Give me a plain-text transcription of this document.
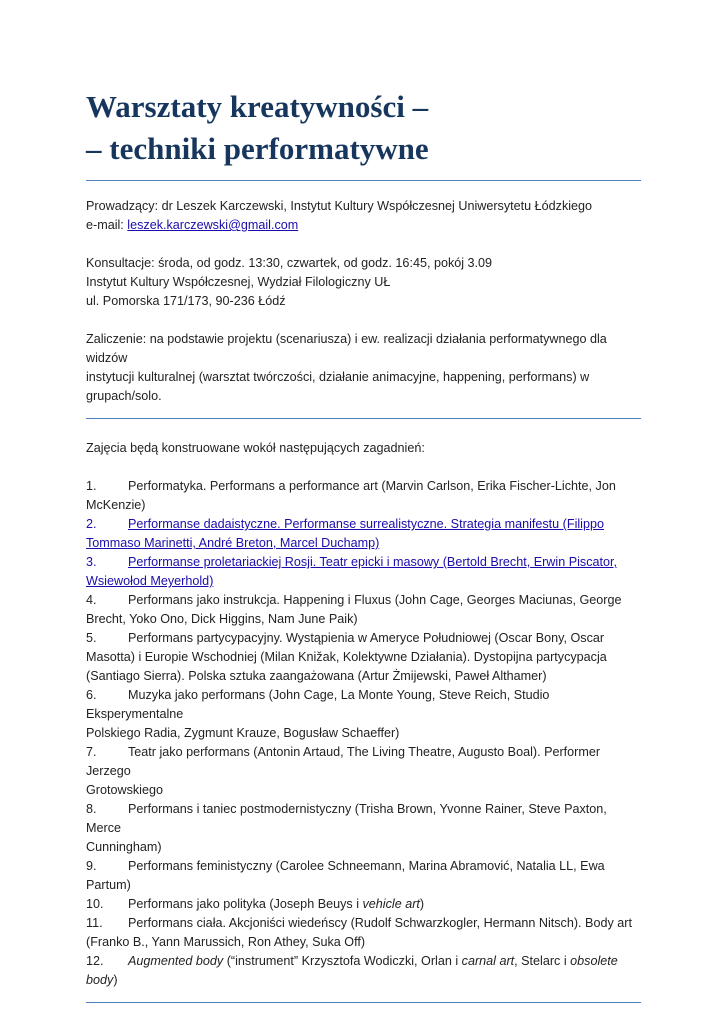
Warsztaty kreatywności –
– techniki performatywne
Prowadzący: dr Leszek Karczewski, Instytut Kultury Współczesnej Uniwersytetu Łódzkiego
e-mail: leszek.karczewski@gmail.com
Konsultacje: środa, od godz. 13:30, czwartek, od godz. 16:45, pokój 3.09
Instytut Kultury Współczesnej, Wydział Filologiczny UŁ
ul. Pomorska 171/173, 90-236 Łódź
Zaliczenie: na podstawie projektu (scenariusza) i ew. realizacji działania performatywnego dla widzów
instytucji kulturalnej (warsztat twórczości, działanie animacyjne, happening, performans) w
grupach/solo.
Zajęcia będą konstruowane wokół następujących zagadnień:
1. Performatyka. Performans a performance art (Marvin Carlson, Erika Fischer-Lichte, Jon
McKenzie)
2. Performanse dadaistyczne. Performanse surrealistyczne. Strategia manifestu (Filippo
Tommaso Marinetti, André Breton, Marcel Duchamp)
3. Performanse proletariackiej Rosji. Teatr epicki i masowy (Bertold Brecht, Erwin Piscator,
Wsiewołod Meyerhold)
4. Performans jako instrukcja. Happening i Fluxus (John Cage, Georges Maciunas, George
Brecht, Yoko Ono, Dick Higgins, Nam June Paik)
5. Performans partycypacyjny. Wystąpienia w Ameryce Południowej (Oscar Bony, Oscar
Masotta) i Europie Wschodniej (Milan Knižak, Kolektywne Działania). Dystopijna partycypacja
(Santiago Sierra). Polska sztuka zaangażowana (Artur Żmijewski, Paweł Althamer)
6. Muzyka jako performans (John Cage, La Monte Young, Steve Reich, Studio Eksperymentalne
Polskiego Radia, Zygmunt Krauze, Bogusław Schaeffer)
7. Teatr jako performans (Antonin Artaud, The Living Theatre, Augusto Boal). Performer Jerzego
Grotowskiego
8. Performans i taniec postmodernistyczny (Trisha Brown, Yvonne Rainer, Steve Paxton, Merce
Cunningham)
9. Performans feministyczny (Carolee Schneemann, Marina Abramović, Natalia LL, Ewa Partum)
10. Performans jako polityka (Joseph Beuys i vehicle art)
11. Performans ciała. Akcjoniści wiedeńscy (Rudolf Schwarzkogler, Hermann Nitsch). Body art
(Franko B., Yann Marussich, Ron Athey, Suka Off)
12. Augmented body (“instrument” Krzysztofa Wodiczki, Orlan i carnal art, Stelarc i obsolete
body)
